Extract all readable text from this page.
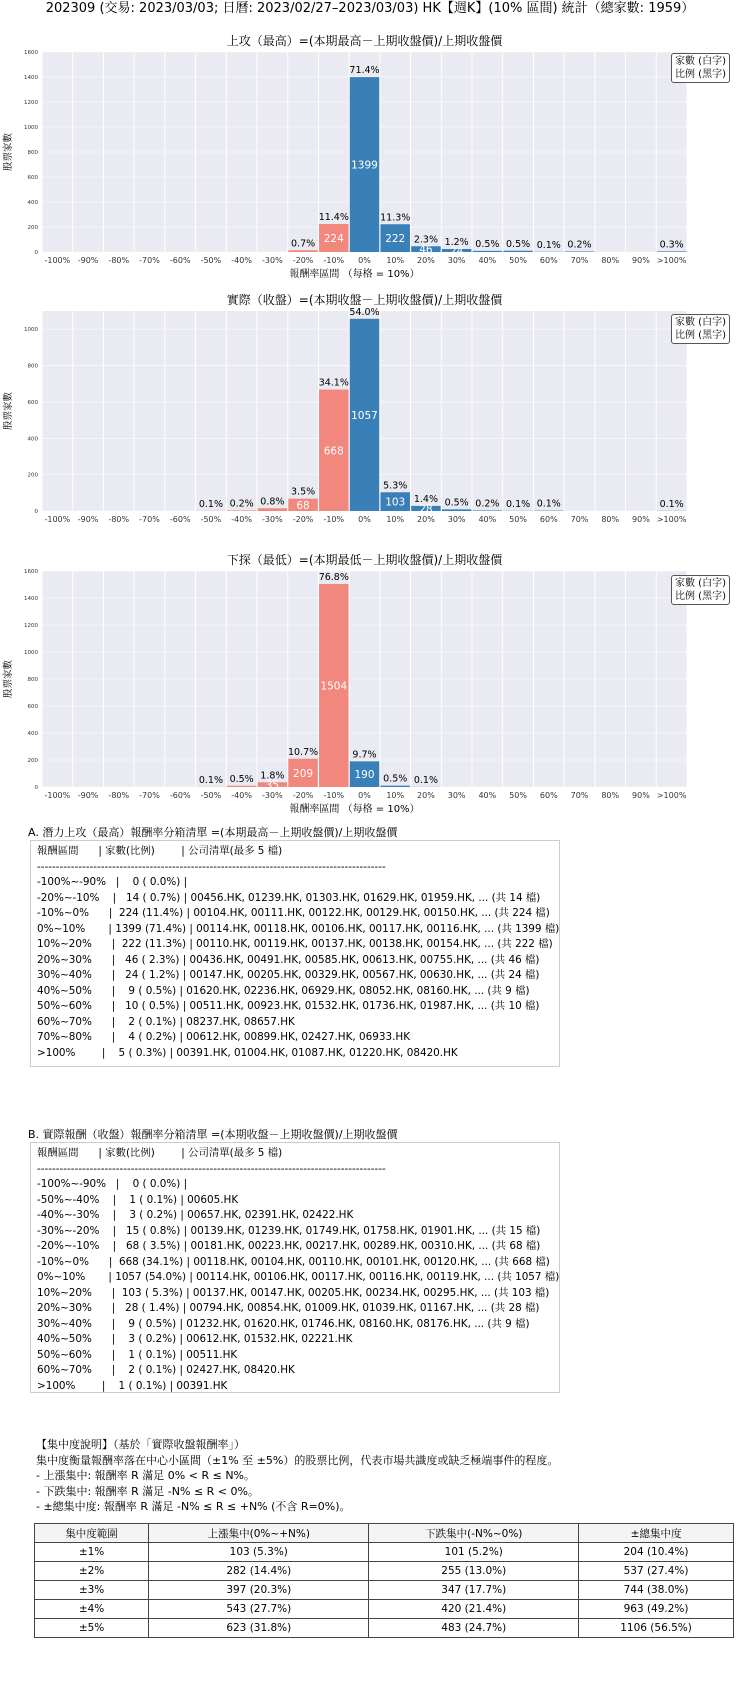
202309 (交易: 2023/03/03; 日曆: 2023/02/27–2023/03/03) HK【週K】(10% 區間) 統計（總家數: 1959）
上攻（最高）=(本期最高－上期收盤價)/上期收盤價
0
200
400
600
800
1000
1200
1400
1600
股票家數
-100% -90% -80% -70% -60% -50% -40% -30%
0.7%
-20%
224
11.4%
-10%
1399
71.4%
0%
222
11.3%
10%
46
2.3%
20%
24
1.2%
30%
0.5%
40%
0.5%
50%
0.1%
60%
0.2%
70% 80% 90%
0.3%
>100%
報酬率區間 （每格 = 10%）
家數 (白字)
比例 (黑字)
實際（收盤）=(本期收盤－上期收盤價)/上期收盤價
0
200
400
600
800
1000
股票家數
-100% -90% -80% -70% -60%
0.1%
-50%
0.2%
-40%
0.8%
-30%
68
3.5%
-20%
668
34.1%
-10%
1057
54.0%
0%
103
5.3%
10%
28
1.4%
20%
0.5%
30%
0.2%
40%
0.1%
50%
0.1%
60% 70% 80% 90%
0.1%
>100%
家數 (白字)
比例 (黑字)
下探（最低）=(本期最低－上期收盤價)/上期收盤價
0
200
400
600
800
1000
1200
1400
1600
股票家數
-100% -90% -80% -70% -60%
0.1%
-50%
0.5%
-40%
35
1.8%
-30%
209
10.7%
-20%
1504
76.8%
-10%
190
9.7%
0%
0.5%
10%
0.1%
20% 30% 40% 50% 60% 70% 80% 90% >100%
報酬率區間 （每格 = 10%）
家數 (白字)
比例 (黑字)
A. 潛力上攻（最高）報酬率分箱清單 =(本期最高－上期收盤價)/上期收盤價
報酬區間      | 家數(比例)        | 公司清單(最多 5 檔)
---------------------------------------------------------------------------------------------
-100%~-90%   |    0 ( 0.0%) |
-20%~-10%    |   14 ( 0.7%) | 00456.HK, 01239.HK, 01303.HK, 01629.HK, 01959.HK, ... (共 14 檔)
-10%~0%      |  224 (11.4%) | 00104.HK, 00111.HK, 00122.HK, 00129.HK, 00150.HK, ... (共 224 檔)
0%~10%       | 1399 (71.4%) | 00114.HK, 00118.HK, 00106.HK, 00117.HK, 00116.HK, ... (共 1399 檔)
10%~20%      |  222 (11.3%) | 00110.HK, 00119.HK, 00137.HK, 00138.HK, 00154.HK, ... (共 222 檔)
20%~30%      |   46 ( 2.3%) | 00436.HK, 00491.HK, 00585.HK, 00613.HK, 00755.HK, ... (共 46 檔)
30%~40%      |   24 ( 1.2%) | 00147.HK, 00205.HK, 00329.HK, 00567.HK, 00630.HK, ... (共 24 檔)
40%~50%      |    9 ( 0.5%) | 01620.HK, 02236.HK, 06929.HK, 08052.HK, 08160.HK, ... (共 9 檔)
50%~60%      |   10 ( 0.5%) | 00511.HK, 00923.HK, 01532.HK, 01736.HK, 01987.HK, ... (共 10 檔)
60%~70%      |    2 ( 0.1%) | 08237.HK, 08657.HK
70%~80%      |    4 ( 0.2%) | 00612.HK, 00899.HK, 02427.HK, 06933.HK
>100%        |    5 ( 0.3%) | 00391.HK, 01004.HK, 01087.HK, 01220.HK, 08420.HK
B. 實際報酬（收盤）報酬率分箱清單 =(本期收盤－上期收盤價)/上期收盤價
報酬區間      | 家數(比例)        | 公司清單(最多 5 檔)
---------------------------------------------------------------------------------------------
-100%~-90%   |    0 ( 0.0%) |
-50%~-40%    |    1 ( 0.1%) | 00605.HK
-40%~-30%    |    3 ( 0.2%) | 00657.HK, 02391.HK, 02422.HK
-30%~-20%    |   15 ( 0.8%) | 00139.HK, 01239.HK, 01749.HK, 01758.HK, 01901.HK, ... (共 15 檔)
-20%~-10%    |   68 ( 3.5%) | 00181.HK, 00223.HK, 00217.HK, 00289.HK, 00310.HK, ... (共 68 檔)
-10%~0%      |  668 (34.1%) | 00118.HK, 00104.HK, 00110.HK, 00101.HK, 00120.HK, ... (共 668 檔)
0%~10%       | 1057 (54.0%) | 00114.HK, 00106.HK, 00117.HK, 00116.HK, 00119.HK, ... (共 1057 檔)
10%~20%      |  103 ( 5.3%) | 00137.HK, 00147.HK, 00205.HK, 00234.HK, 00295.HK, ... (共 103 檔)
20%~30%      |   28 ( 1.4%) | 00794.HK, 00854.HK, 01009.HK, 01039.HK, 01167.HK, ... (共 28 檔)
30%~40%      |    9 ( 0.5%) | 01232.HK, 01620.HK, 01746.HK, 08160.HK, 08176.HK, ... (共 9 檔)
40%~50%      |    3 ( 0.2%) | 00612.HK, 01532.HK, 02221.HK
50%~60%      |    1 ( 0.1%) | 00511.HK
60%~70%      |    2 ( 0.1%) | 02427.HK, 08420.HK
>100%        |    1 ( 0.1%) | 00391.HK
【集中度說明】（基於「實際收盤報酬率」）
集中度衡量報酬率落在中心小區間（±1% 至 ±5%）的股票比例，代表市場共識度或缺乏極端事件的程度。
- 上漲集中: 報酬率 R 滿足 0% < R ≤ N%。
- 下跌集中: 報酬率 R 滿足 -N% ≤ R < 0%。
- ±總集中度: 報酬率 R 滿足 -N% ≤ R ≤ +N% (不含 R=0%)。
集中度範圍	上漲集中(0%~+N%)	下跌集中(-N%~0%)	±總集中度
±1%	103 (5.3%)	101 (5.2%)	204 (10.4%)
±2%	282 (14.4%)	255 (13.0%)	537 (27.4%)
±3%	397 (20.3%)	347 (17.7%)	744 (38.0%)
±4%	543 (27.7%)	420 (21.4%)	963 (49.2%)
±5%	623 (31.8%)	483 (24.7%)	1106 (56.5%)
